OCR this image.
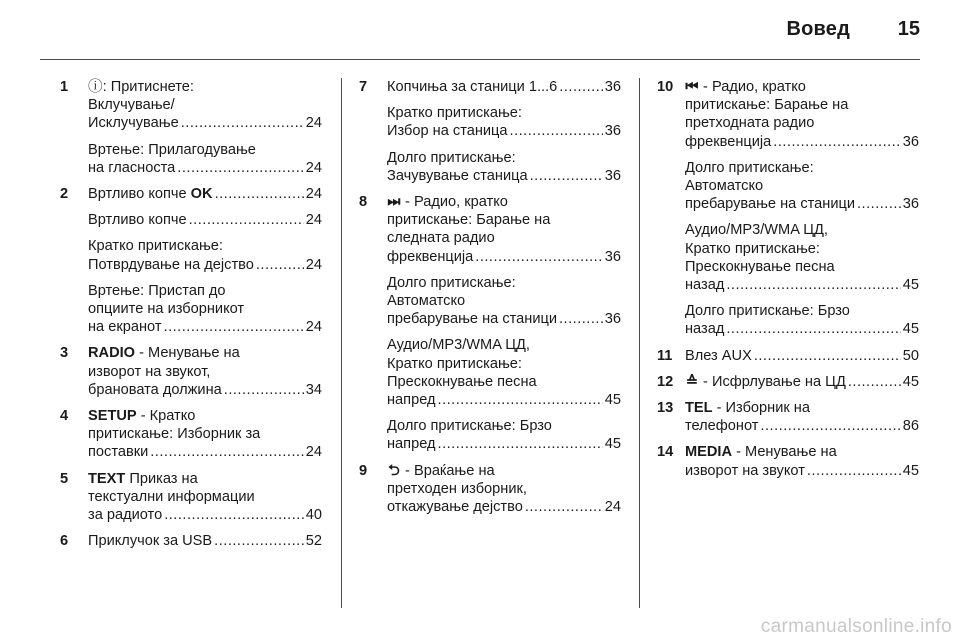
Вовед 15
1 ⓘ: Притиснете:
Вклучување/
Исклучување .....	24
Вртење: Прилагодување
на гласноста .....	24
2 Вртливо копче OK .....	24
Вртливо копче .....	24
Кратко притискање:
Потврдување на дејство .....	24
Вртење: Пристап до
опциите на изборникот
на екранот .....	24
3 RADIO - Менување на
изворот на звукот,
брановата должина .....	34
4 SETUP - Кратко
притискање: Изборник за
поставки .....	24
5 TEXT Приказ на
текстуални информации
за радиото .....	40
6 Приклучок за USB .....	52
7 Копчиња за станици 1...6 .....	36
Кратко притискање:
Избор на станица .....	36
Долго притискање:
Зачувување станица .....	36
8 ⏭ - Радио, кратко
притискање: Барање на
следната радио
фреквенција .....	36
Долго притискање:
Автоматско
пребарување на станици .....	36
Аудио/MP3/WMA ЦД,
Кратко притискање:
Прескокнување песна
напред .....	45
Долго притискање: Брзо
напред .....	45
9 ⮌ - Враќање на
претходен изборник,
откажување дејство .....	24
10 ⏮ - Радио, кратко
притискање: Барање на
претходната радио
фреквенција .....	36
Долго притискање:
Автоматско
пребарување на станици .....	36
Аудио/MP3/WMA ЦД,
Кратко притискање:
Прескокнување песна
назад .....	45
Долго притискање: Брзо
назад .....	45
11 Влез AUX .....	50
12 ≙ - Исфрлување на ЦД .....	45
13 TEL - Изборник на
телефонот .....	86
14 MEDIA - Менување на
изворот на звукот .....	45
carmanualsonline.info
